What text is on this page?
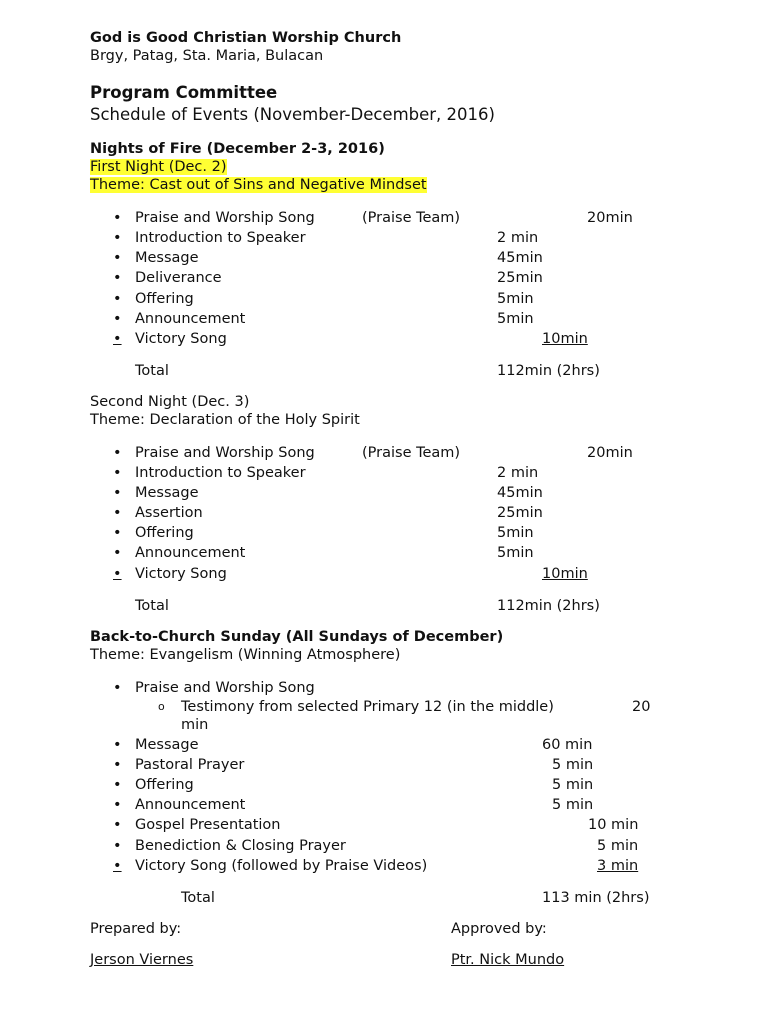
God is Good Christian Worship Church
Brgy, Patag, Sta. Maria, Bulacan
Program Committee
Schedule of Events (November-December, 2016)
Nights of Fire (December 2-3, 2016)
First Night (Dec. 2)
Theme: Cast out of Sins and Negative Mindset
• Praise and Worship Song	(Praise Team)	20min
• Introduction to Speaker	2 min
• Message	45min
• Deliverance	25min
• Offering	5min
• Announcement	5min
• Victory Song	10min
Total	112min (2hrs)
Second Night (Dec. 3)
Theme: Declaration of the Holy Spirit
• Praise and Worship Song	(Praise Team)	20min
• Introduction to Speaker	2 min
• Message	45min
• Assertion	25min
• Offering	5min
• Announcement	5min
• Victory Song	10min
Total	112min (2hrs)
Back-to-Church Sunday (All Sundays of December)
Theme: Evangelism (Winning Atmosphere)
• Praise and Worship Song
o Testimony from selected Primary 12 (in the middle)	20
min
• Message	60 min
• Pastoral Prayer	5 min
• Offering	5 min
• Announcement	5 min
• Gospel Presentation	10 min
• Benediction & Closing Prayer	5 min
• Victory Song (followed by Praise Videos)	3 min
Total	113 min (2hrs)
Prepared by:	Approved by:
Jerson Viernes	Ptr. Nick Mundo
